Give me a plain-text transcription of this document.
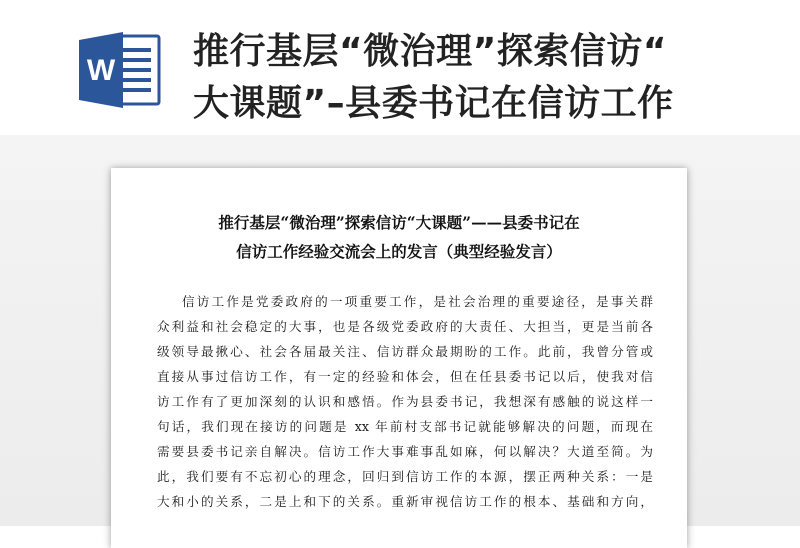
W 推行基层“微治理”探索信访“
大课题”–县委书记在信访工作
推行基层“微治理”探索信访“大课题”——县委书记在
信访工作经验交流会上的发言（典型经验发言）
信访工作是党委政府的一项重要工作，是社会治理的重要途径，是事关群
众利益和社会稳定的大事，也是各级党委政府的大责任、大担当，更是当前各
级领导最揪心、社会各届最关注、信访群众最期盼的工作。此前，我曾分管或
直接从事过信访工作，有一定的经验和体会，但在任县委书记以后，使我对信
访工作有了更加深刻的认识和感悟。作为县委书记，我想深有感触的说这样一
句话，我们现在接访的问题是 xx 年前村支部书记就能够解决的问题，而现在
需要县委书记亲自解决。信访工作大事难事乱如麻，何以解决？大道至简。为
此，我们要有不忘初心的理念，回归到信访工作的本源，摆正两种关系：一是
大和小的关系，二是上和下的关系。重新审视信访工作的根本、基础和方向，
